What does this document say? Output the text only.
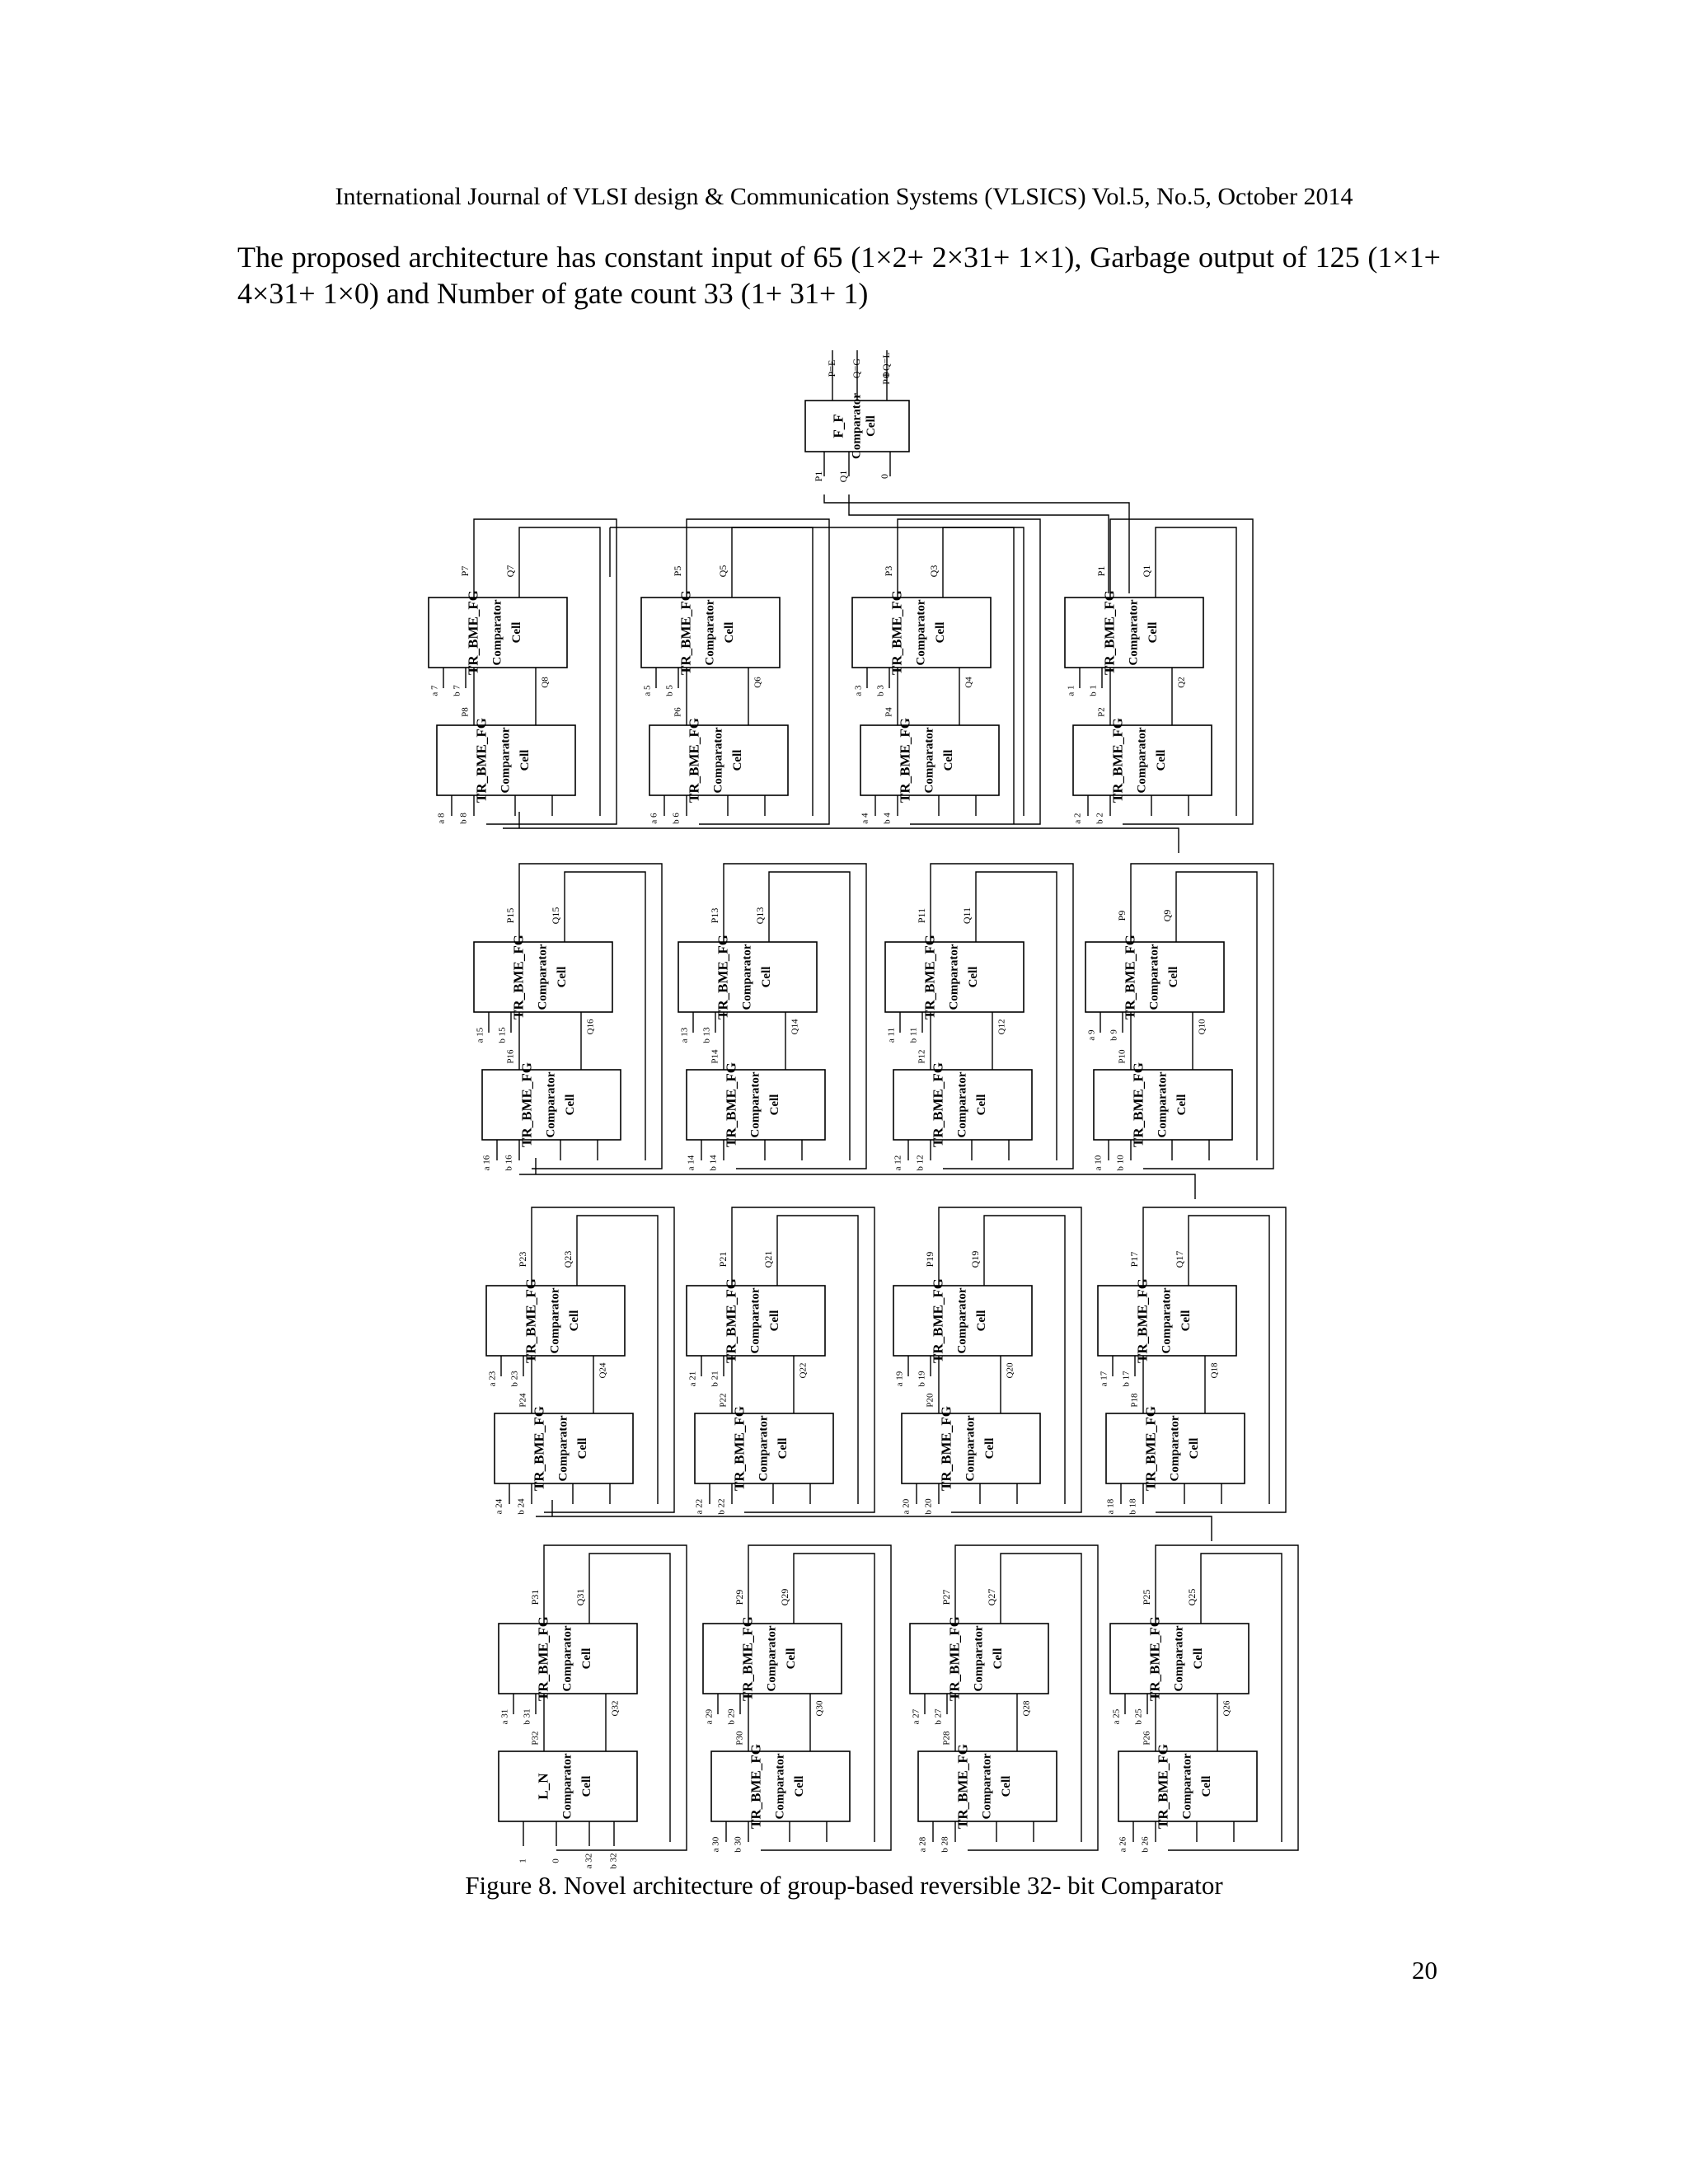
International Journal of VLSI design & Communication Systems (VLSICS) Vol.5, No.5, October 2014
The proposed architecture has constant input of 65 (1×2+ 2×31+ 1×1), Garbage output of 125 (1×1+ 4×31+ 1×0) and Number of gate count 33 (1+ 31+ 1)
F_F Comparator Cell
P=E Q=G P⊕Q=L
P1 Q1	0
TR_BME_FG Comparator Cell
TR_BME_FG Comparator Cell
P7	Q7
a 7 b 7
P8
Q8
a 8 b 8
TR_BME_FG Comparator Cell
TR_BME_FG Comparator Cell
P5	Q5
a 5 b 5
P6
Q6
a 6 b 6
TR_BME_FG Comparator Cell
TR_BME_FG Comparator Cell
P3	Q3
a 3 b 3
P4
Q4
a 4 b 4
TR_BME_FG Comparator Cell
TR_BME_FG Comparator Cell
P1	Q1
a 1 b 1
P2
Q2
a 2 b 2
TR_BME_FG Comparator Cell
TR_BME_FG Comparator Cell
P15	Q15
a 15 b 15
P16
Q16
a 16 b 16
TR_BME_FG Comparator Cell
TR_BME_FG Comparator Cell
P13	Q13
a 13 b 13
P14
Q14
a 14 b 14
TR_BME_FG Comparator Cell
TR_BME_FG Comparator Cell
P11	Q11
a 11 b 11
P12
Q12
a 12 b 12
TR_BME_FG Comparator Cell
TR_BME_FG Comparator Cell
P9	Q9
a 9 b 9
P10
Q10
a 10 b 10
TR_BME_FG Comparator Cell
TR_BME_FG Comparator Cell
P23	Q23
a 23 b 23
P24
Q24
a 24 b 24
TR_BME_FG Comparator Cell
TR_BME_FG Comparator Cell
P21	Q21
a 21 b 21
P22
Q22
a 22 b 22
TR_BME_FG Comparator Cell
TR_BME_FG Comparator Cell
P19	Q19
a 19 b 19
P20
Q20
a 20 b 20
TR_BME_FG Comparator Cell
TR_BME_FG Comparator Cell
P17	Q17
a 17 b 17
P18
Q18
a 18 b 18
TR_BME_FG Comparator Cell
L_N Comparator Cell
P31	Q31
a 31 b 31
P32
Q32
1	0	a 32 b 32
TR_BME_FG Comparator Cell
TR_BME_FG Comparator Cell
P29	Q29
a 29 b 29
P30
Q30
a 30 b 30
TR_BME_FG Comparator Cell
TR_BME_FG Comparator Cell
P27	Q27
a 27 b 27
P28
Q28
a 28 b 28
TR_BME_FG Comparator Cell
TR_BME_FG Comparator Cell
P25	Q25
a 25 b 25
P26
Q26
a 26 b 26
Figure 8. Novel architecture of group-based reversible 32- bit Comparator
20
